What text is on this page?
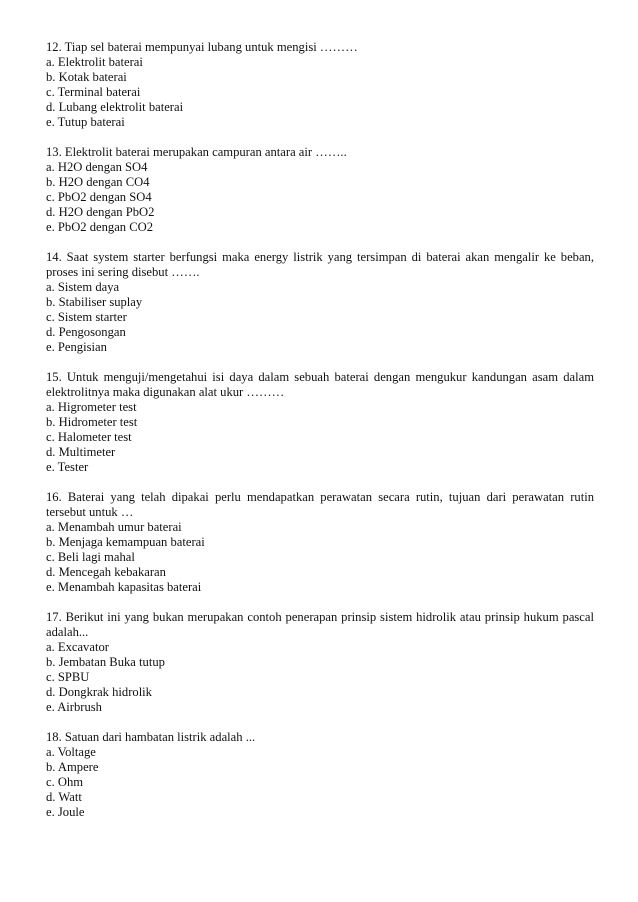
12. Tiap sel baterai mempunyai lubang untuk mengisi ………

a. Elektrolit baterai
b. Kotak baterai
c. Terminal baterai
d. Lubang elektrolit baterai
e. Tutup baterai

13. Elektrolit baterai merupakan campuran antara air ……..

a. H2O dengan SO4
b. H2O dengan CO4
c. PbO2 dengan SO4
d. H2O dengan PbO2
e. PbO2 dengan CO2

14. Saat system starter berfungsi maka energy listrik yang tersimpan di baterai akan mengalir ke beban, proses ini sering disebut …….

a. Sistem daya
b. Stabiliser suplay
c. Sistem starter
d. Pengosongan
e. Pengisian

15. Untuk menguji/mengetahui isi daya dalam sebuah baterai dengan mengukur kandungan asam dalam elektrolitnya maka digunakan alat ukur ………

a. Higrometer test
b. Hidrometer test
c. Halometer test
d. Multimeter
e. Tester

16. Baterai yang telah dipakai perlu mendapatkan perawatan secara rutin, tujuan dari perawatan rutin tersebut untuk …

a. Menambah umur baterai
b. Menjaga kemampuan baterai
c. Beli lagi mahal
d. Mencegah kebakaran
e. Menambah kapasitas baterai

17. Berikut ini yang bukan merupakan contoh penerapan prinsip sistem hidrolik atau prinsip hukum pascal adalah...

a. Excavator
b. Jembatan Buka tutup
c. SPBU
d. Dongkrak hidrolik
e. Airbrush

18. Satuan dari hambatan listrik adalah ...

a. Voltage
b. Ampere
c. Ohm
d. Watt
e. Joule
